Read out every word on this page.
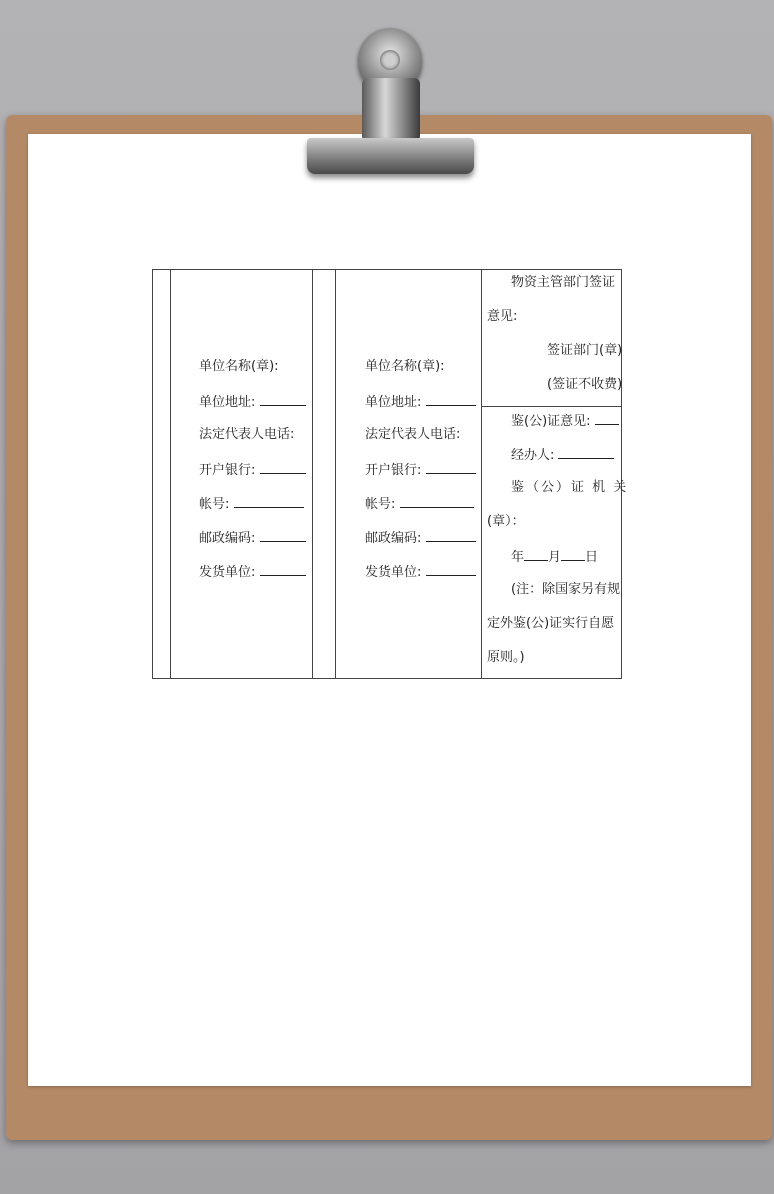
单位名称(章):
单位地址:
法定代表人电话:
开户银行:
帐号:
邮政编码:
发货单位:
单位名称(章):
单位地址:
法定代表人电话:
开户银行:
帐号:
邮政编码:
发货单位:
物资主管部门签证
意见:
签证部门(章)
(签证不收费)
鉴(公)证意见:
经办人:
鉴（公）证 机 关
(章）：
年 月 日
(注：除国家另有规
定外鉴(公)证实行自愿
原则。)
